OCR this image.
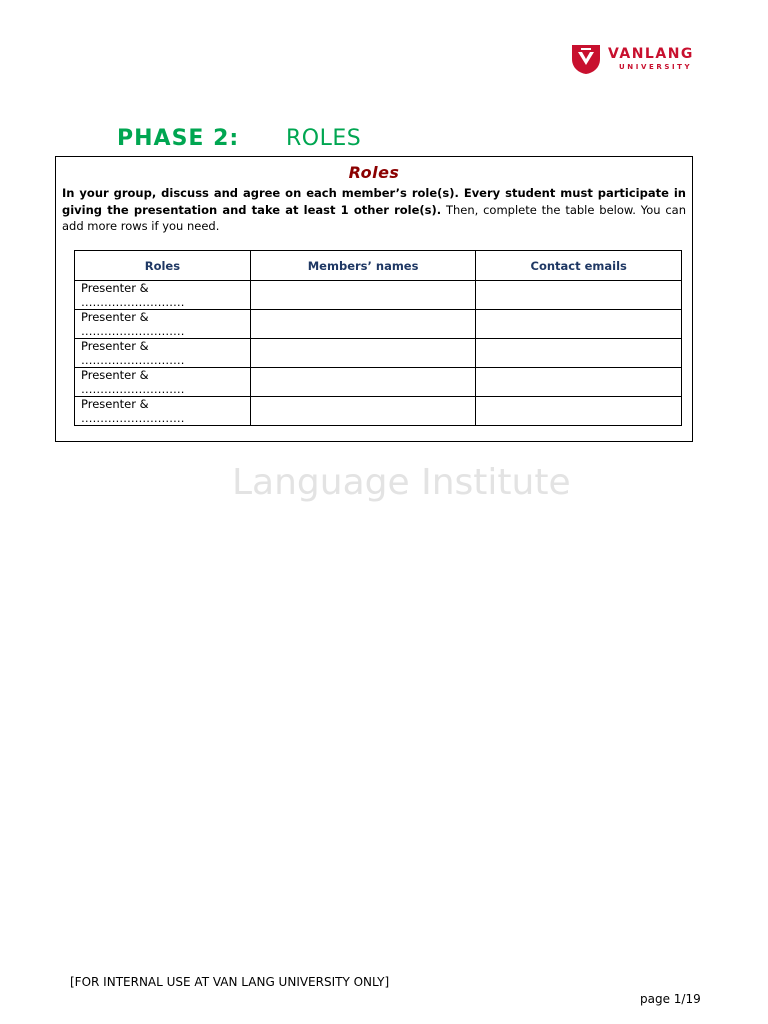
VANLANG
UNIVERSITY
PHASE 2: ROLES
Language Institute
Roles
In your group, discuss and agree on each member’s role(s). Every student must participate in giving the presentation and take at least 1 other role(s). Then, complete the table below. You can add more rows if you need.
Roles	Members’ names	Contact emails
Presenter & ………………………		
Presenter & ………………………		
Presenter & ………………………		
Presenter & ………………………		
Presenter & ………………………		
[FOR INTERNAL USE AT VAN LANG UNIVERSITY ONLY]
page 1/19
